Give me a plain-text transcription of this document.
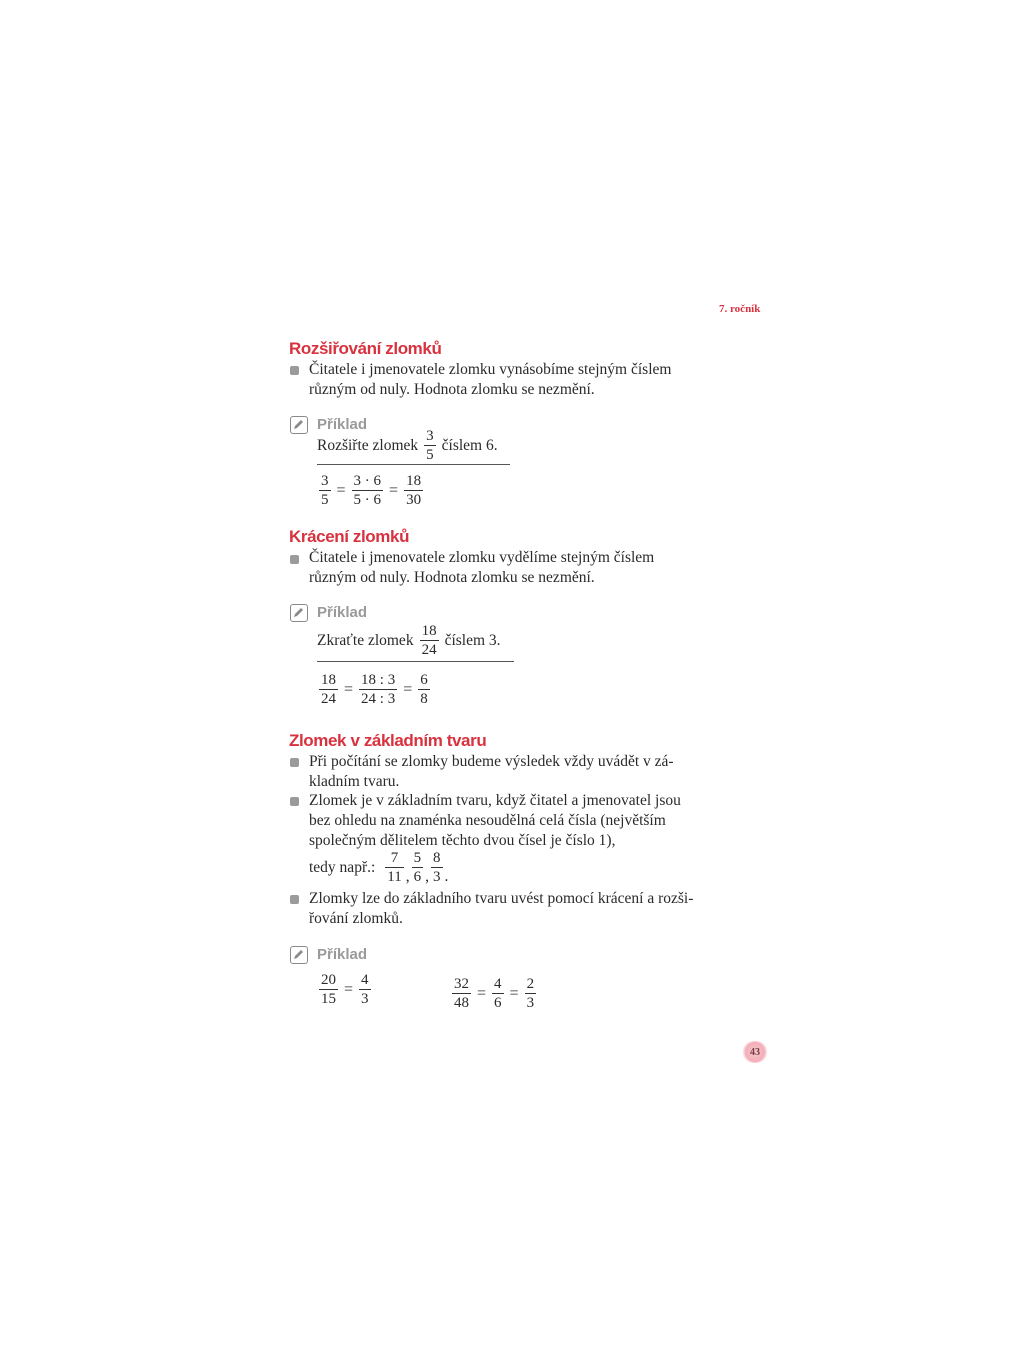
7. ročník
Rozšiřování zlomků
Čitatele i jmenovatele zlomku vynásobíme stejným číslem
různým od nuly. Hodnota zlomku se nezmění.
Příklad
Rozšiřte zlomek $\frac{3}{5}$ číslem 6.
$\frac{3}{5} = \frac{3 \cdot 6}{5 \cdot 6} = \frac{18}{30}$
Krácení zlomků
Čitatele i jmenovatele zlomku vydělíme stejným číslem
různým od nuly. Hodnota zlomku se nezmění.
Příklad
Zkraťte zlomek $\frac{18}{24}$ číslem 3.
$\frac{18}{24} = \frac{18 : 3}{24 : 3} = \frac{6}{8}$
Zlomek v základním tvaru
Při počítání se zlomky budeme výsledek vždy uvádět v zá-
kladním tvaru.
Zlomek je v základním tvaru, když čitatel a jmenovatel jsou
bez ohledu na znaménka nesoudělná celá čísla (největším
společným dělitelem těchto dvou čísel je číslo 1),
tedy např.: $\frac{7}{11}$ , $\frac{5}{6}$ , $\frac{8}{3}$ .
Zlomky lze do základního tvaru uvést pomocí krácení a rozši-
řování zlomků.
Příklad
$\frac{20}{15} = \frac{4}{3}$	$\frac{32}{48} = \frac{4}{6} = \frac{2}{3}$
43
